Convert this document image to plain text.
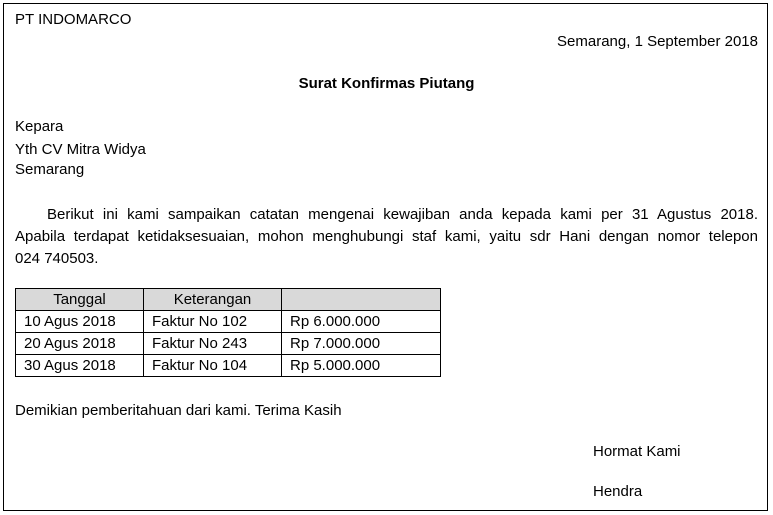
PT INDOMARCO
Semarang, 1 September 2018
Surat Konfirmas Piutang
Kepara
Yth CV Mitra Widya
Semarang
Berikut ini kami sampaikan catatan mengenai kewajiban anda kepada kami per 31 Agustus 2018.
Apabila terdapat ketidaksesuaian, mohon menghubungi staf kami, yaitu sdr Hani dengan nomor telepon
024 740503.
Tanggal	Keterangan	
10 Agus 2018	Faktur No 102	Rp 6.000.000
20 Agus 2018	Faktur No 243	Rp 7.000.000
30 Agus 2018	Faktur No 104	Rp 5.000.000
Demikian pemberitahuan dari kami. Terima Kasih
Hormat Kami
Hendra
